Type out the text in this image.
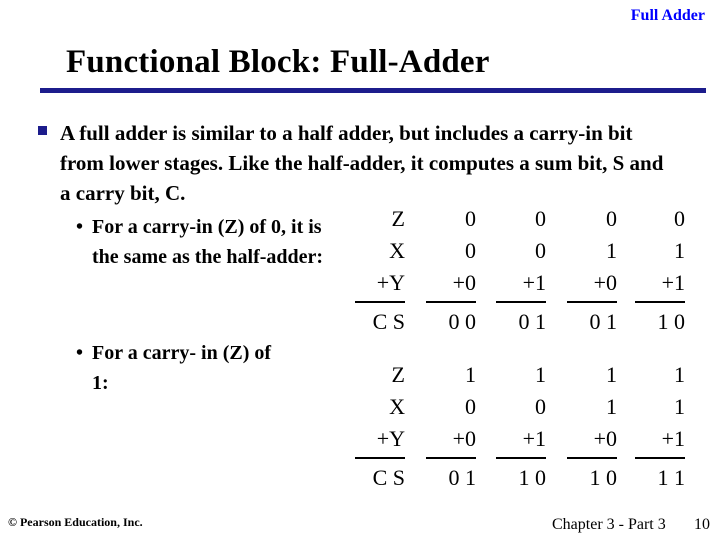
Full Adder
Functional Block: Full-Adder
A full adder is similar to a half adder, but includes a carry-in bit from lower stages. Like the half-adder, it computes a sum bit, S and a carry bit, C.
• For a carry-in (Z) of 0, it is the same as the half-adder:
• For a carry- in (Z) of 1:
Z	0	0	0	0
X	0	0	1	1
+Y	+0	+1	+0	+1
C S	0 0	0 1	0 1	1 0
Z	1	1	1	1
X	0	0	1	1
+Y	+0	+1	+0	+1
C S	0 1	1 0	1 0	1 1
© Pearson Education, Inc.	Chapter 3 - Part 3 10
